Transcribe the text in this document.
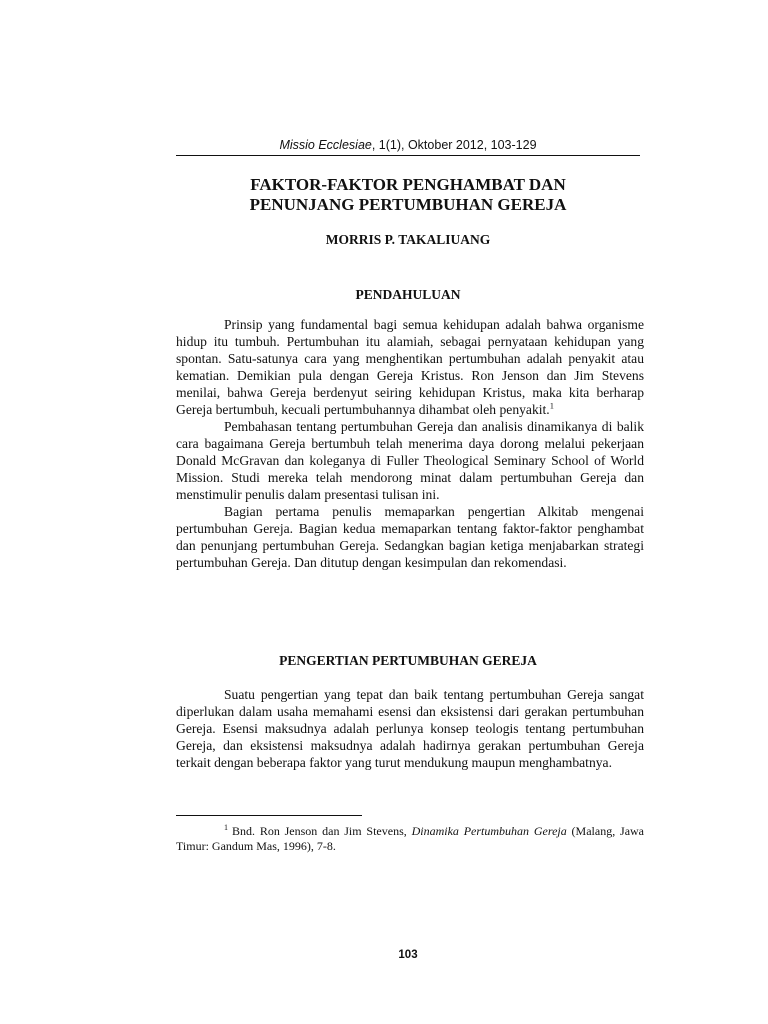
Missio Ecclesiae, 1(1), Oktober 2012, 103-129
FAKTOR-FAKTOR PENGHAMBAT DAN
PENUNJANG PERTUMBUHAN GEREJA
MORRIS P. TAKALIUANG
PENDAHULUAN

Prinsip yang fundamental bagi semua kehidupan adalah bahwa organisme hidup itu tumbuh. Pertumbuhan itu alamiah, sebagai pernyataan kehidupan yang spontan. Satu-satunya cara yang menghentikan pertumbuhan adalah penyakit atau kematian. Demikian pula dengan Gereja Kristus. Ron Jenson dan Jim Stevens menilai, bahwa Gereja berdenyut seiring kehidupan Kristus, maka kita berharap Gereja bertumbuh, kecuali pertumbuhannya dihambat oleh penyakit.$^1$

Pembahasan tentang pertumbuhan Gereja dan analisis dinamikanya di balik cara bagaimana Gereja bertumbuh telah menerima daya dorong melalui pekerjaan Donald McGravan dan koleganya di Fuller Theological Seminary School of World Mission. Studi mereka telah mendorong minat dalam pertumbuhan Gereja dan menstimulir penulis dalam presentasi tulisan ini.

Bagian pertama penulis memaparkan pengertian Alkitab mengenai pertumbuhan Gereja. Bagian kedua memaparkan tentang faktor-faktor penghambat dan penunjang pertumbuhan Gereja. Sedangkan bagian ketiga menjabarkan strategi pertumbuhan Gereja. Dan ditutup dengan kesimpulan dan rekomendasi.

PENGERTIAN PERTUMBUHAN GEREJA

Suatu pengertian yang tepat dan baik tentang pertumbuhan Gereja sangat diperlukan dalam usaha memahami esensi dan eksistensi dari gerakan pertumbuhan Gereja. Esensi maksudnya adalah perlunya konsep teologis tentang pertumbuhan Gereja, dan eksistensi maksudnya adalah hadirnya gerakan pertumbuhan Gereja terkait dengan beberapa faktor yang turut mendukung maupun menghambatnya.

$^1$ Bnd. Ron Jenson dan Jim Stevens, Dinamika Pertumbuhan Gereja (Malang, Jawa Timur: Gandum Mas, 1996), 7-8.

103
